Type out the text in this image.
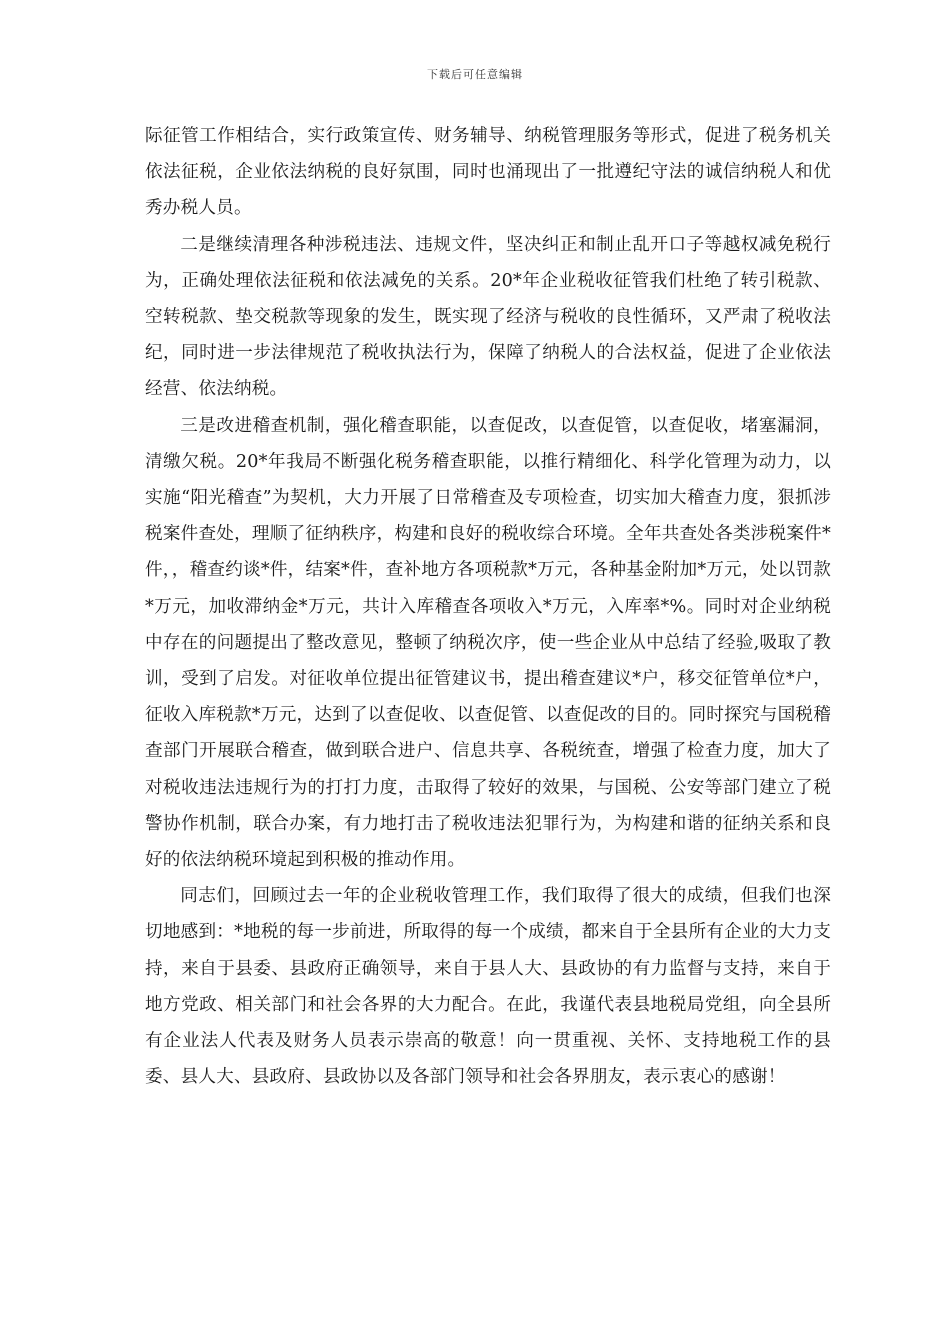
下载后可任意编辑

际征管工作相结合，实行政策宣传、财务辅导、纳税管理服务等形式，促进了税务机关依法征税，企业依法纳税的良好氛围，同时也涌现出了一批遵纪守法的诚信纳税人和优秀办税人员。

二是继续清理各种涉税违法、违规文件，坚决纠正和制止乱开口子等越权减免税行为，正确处理依法征税和依法减免的关系。20*年企业税收征管我们杜绝了转引税款、空转税款、垫交税款等现象的发生，既实现了经济与税收的良性循环，又严肃了税收法纪，同时进一步法律规范了税收执法行为，保障了纳税人的合法权益，促进了企业依法经营、依法纳税。

三是改进稽查机制，强化稽查职能，以查促改，以查促管，以查促收，堵塞漏洞，清缴欠税。20*年我局不断强化税务稽查职能，以推行精细化、科学化管理为动力，以实施“阳光稽查”为契机，大力开展了日常稽查及专项检查，切实加大稽查力度，狠抓涉税案件查处，理顺了征纳秩序，构建和良好的税收综合环境。全年共查处各类涉税案件*件，，稽查约谈*件，结案*件，查补地方各项税款*万元，各种基金附加*万元，处以罚款*万元，加收滞纳金*万元，共计入库稽查各项收入*万元，入库率*%。同时对企业纳税中存在的问题提出了整改意见，整顿了纳税次序，使一些企业从中总结了经验,吸取了教训，受到了启发。对征收单位提出征管建议书，提出稽查建议*户，移交征管单位*户，征收入库税款*万元，达到了以查促收、以查促管、以查促改的目的。同时探究与国税稽查部门开展联合稽查，做到联合进户、信息共享、各税统查，增强了检查力度，加大了对税收违法违规行为的打打力度，击取得了较好的效果，与国税、公安等部门建立了税警协作机制，联合办案，有力地打击了税收违法犯罪行为，为构建和谐的征纳关系和良好的依法纳税环境起到积极的推动作用。

同志们，回顾过去一年的企业税收管理工作，我们取得了很大的成绩，但我们也深切地感到：*地税的每一步前进，所取得的每一个成绩，都来自于全县所有企业的大力支持，来自于县委、县政府正确领导，来自于县人大、县政协的有力监督与支持，来自于地方党政、相关部门和社会各界的大力配合。在此，我谨代表县地税局党组，向全县所有企业法人代表及财务人员表示崇高的敬意！向一贯重视、关怀、支持地税工作的县委、县人大、县政府、县政协以及各部门领导和社会各界朋友，表示衷心的感谢！
